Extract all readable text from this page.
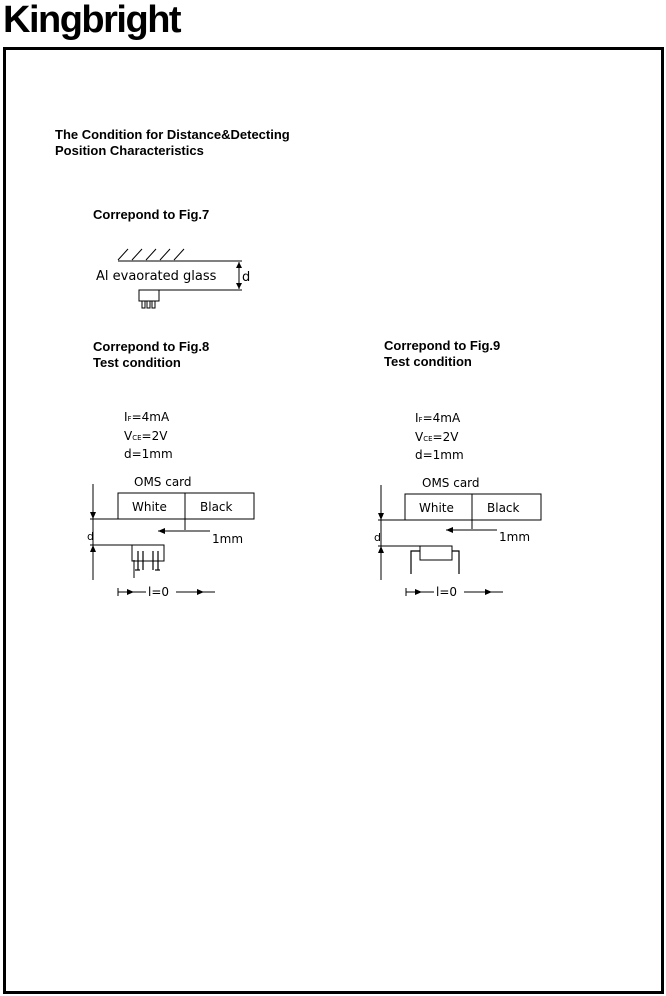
Kingbright
The Condition for Distance&Detecting
Position Characteristics
Correpond to Fig.7
Al evaorated glass d
Correpond to Fig.8
Test condition
IF=4mA
VCE=2V
d=1mm
OMS card
White	Black
d	1mm
l=0
Correpond to Fig.9
Test condition
IF=4mA
VCE=2V
d=1mm
OMS card
White	Black
d	1mm
l=0
